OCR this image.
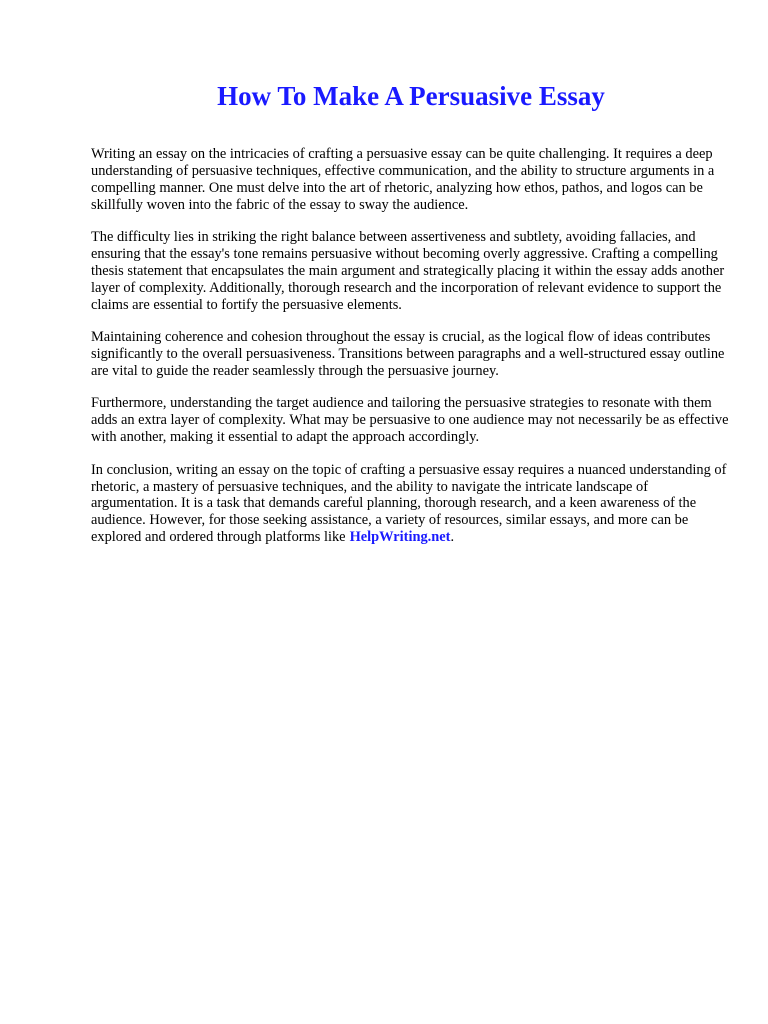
How To Make A Persuasive Essay

Writing an essay on the intricacies of crafting a persuasive essay can be quite challenging. It requires a deep understanding of persuasive techniques, effective communication, and the ability to structure arguments in a compelling manner. One must delve into the art of rhetoric, analyzing how ethos, pathos, and logos can be skillfully woven into the fabric of the essay to sway the audience.

The difficulty lies in striking the right balance between assertiveness and subtlety, avoiding fallacies, and ensuring that the essay's tone remains persuasive without becoming overly aggressive. Crafting a compelling thesis statement that encapsulates the main argument and strategically placing it within the essay adds another layer of complexity. Additionally, thorough research and the incorporation of relevant evidence to support the claims are essential to fortify the persuasive elements.

Maintaining coherence and cohesion throughout the essay is crucial, as the logical flow of ideas contributes significantly to the overall persuasiveness. Transitions between paragraphs and a well-structured essay outline are vital to guide the reader seamlessly through the persuasive journey.

Furthermore, understanding the target audience and tailoring the persuasive strategies to resonate with them adds an extra layer of complexity. What may be persuasive to one audience may not necessarily be as effective with another, making it essential to adapt the approach accordingly.

In conclusion, writing an essay on the topic of crafting a persuasive essay requires a nuanced understanding of rhetoric, a mastery of persuasive techniques, and the ability to navigate the intricate landscape of argumentation. It is a task that demands careful planning, thorough research, and a keen awareness of the audience. However, for those seeking assistance, a variety of resources, similar essays, and more can be explored and ordered through platforms like HelpWriting.net.
